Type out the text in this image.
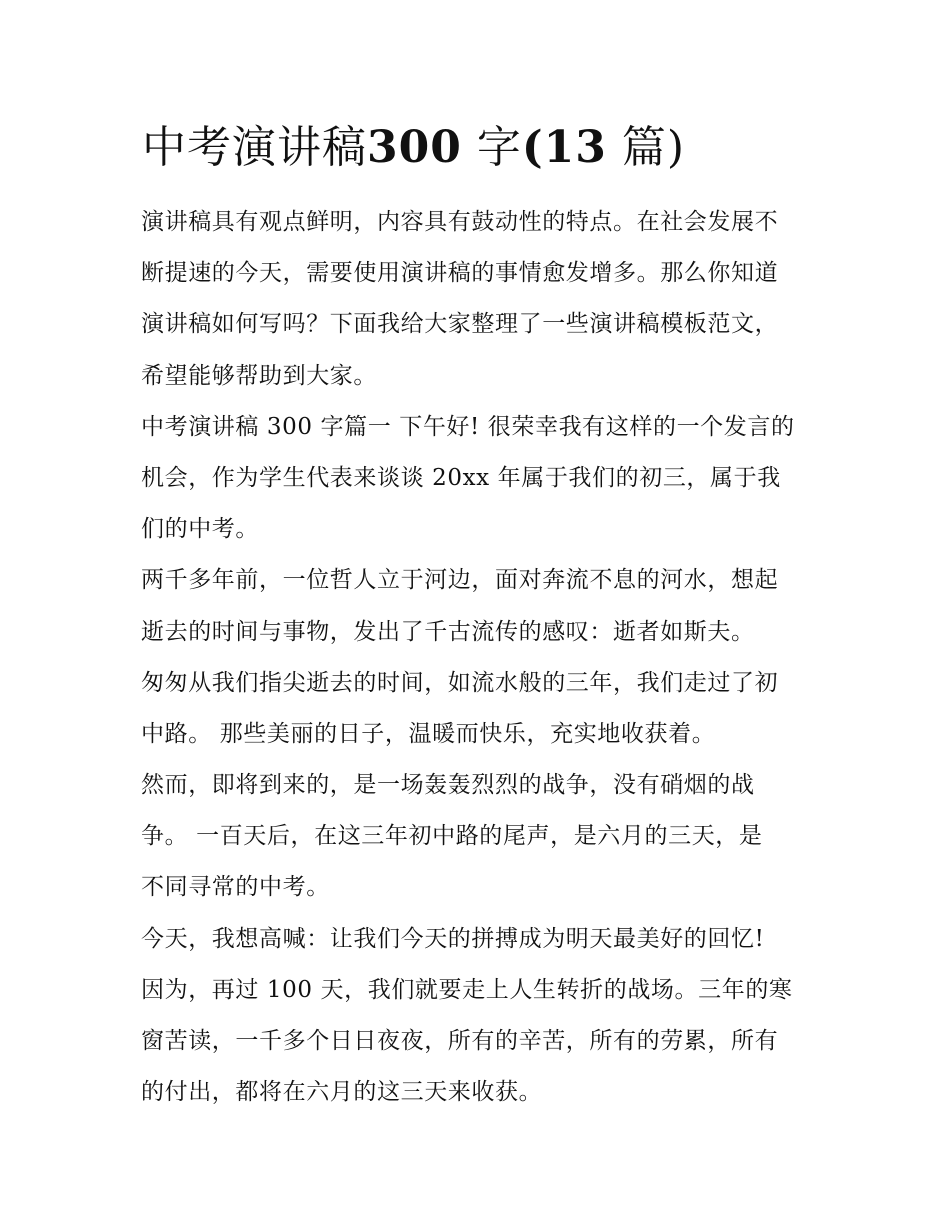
中考演讲稿300 字(13 篇)
演讲稿具有观点鲜明，内容具有鼓动性的特点。在社会发展不
断提速的今天，需要使用演讲稿的事情愈发增多。那么你知道
演讲稿如何写吗？下面我给大家整理了一些演讲稿模板范文，
希望能够帮助到大家。
中考演讲稿 300 字篇一 下午好! 很荣幸我有这样的一个发言的
机会，作为学生代表来谈谈 20xx 年属于我们的初三，属于我
们的中考。
两千多年前，一位哲人立于河边，面对奔流不息的河水，想起
逝去的时间与事物，发出了千古流传的感叹：逝者如斯夫。
匆匆从我们指尖逝去的时间，如流水般的三年，我们走过了初
中路。 那些美丽的日子，温暖而快乐，充实地收获着。
然而，即将到来的，是一场轰轰烈烈的战争，没有硝烟的战
争。 一百天后，在这三年初中路的尾声，是六月的三天，是
不同寻常的中考。
今天，我想高喊：让我们今天的拼搏成为明天最美好的回忆!
因为，再过 100 天，我们就要走上人生转折的战场。三年的寒
窗苦读，一千多个日日夜夜，所有的辛苦，所有的劳累，所有
的付出，都将在六月的这三天来收获。
